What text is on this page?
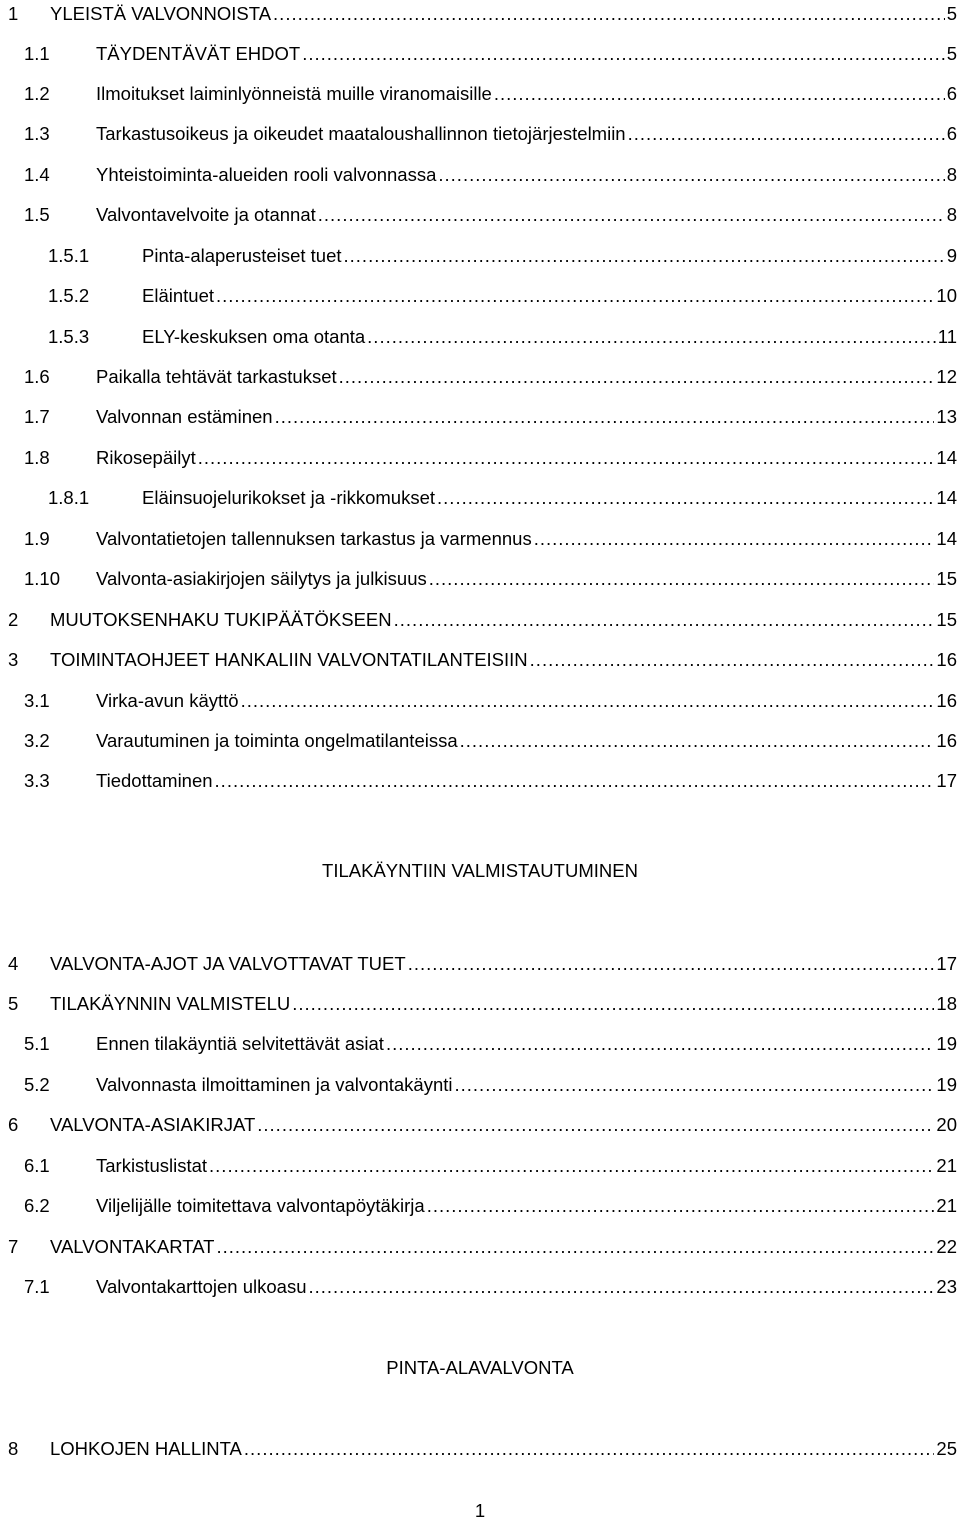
1 YLEISTÄ VALVONNOISTA .....	5
1.1	TÄYDENTÄVÄT EHDOT .....	5
1.2	Ilmoitukset laiminlyönneistä muille viranomaisille .....	6
1.3	Tarkastusoikeus ja oikeudet maataloushallinnon tietojärjestelmiin .....	6
1.4	Yhteistoiminta-alueiden rooli valvonnassa .....	8
1.5	Valvontavelvoite ja otannat .....	8
1.5.1	Pinta-alaperusteiset tuet .....	9
1.5.2	Eläintuet .....	10
1.5.3	ELY-keskuksen oma otanta .....	11
1.6	Paikalla tehtävät tarkastukset .....	12
1.7	Valvonnan estäminen .....	13
1.8	Rikosepäilyt .....	14
1.8.1	Eläinsuojelurikokset ja -rikkomukset .....	14
1.9	Valvontatietojen tallennuksen tarkastus ja varmennus .....	14
1.10 Valvonta-asiakirjojen säilytys ja julkisuus .....	15
2 MUUTOKSENHAKU TUKIPÄÄTÖKSEEN .....	15
3 TOIMINTAOHJEET HANKALIIN VALVONTATILANTEISIIN .....	16
3.1	Virka-avun käyttö .....	16
3.2	Varautuminen ja toiminta ongelmatilanteissa .....	16
3.3	Tiedottaminen .....	17
TILAKÄYNTIIN VALMISTAUTUMINEN
4 VALVONTA-AJOT JA VALVOTTAVAT TUET .....	17
5 TILAKÄYNNIN VALMISTELU .....	18
5.1	Ennen tilakäyntiä selvitettävät asiat .....	19
5.2	Valvonnasta ilmoittaminen ja valvontakäynti .....	19
6 VALVONTA-ASIAKIRJAT .....	20
6.1	Tarkistuslistat .....	21
6.2	Viljelijälle toimitettava valvontapöytäkirja .....	21
7 VALVONTAKARTAT .....	22
7.1	Valvontakarttojen ulkoasu .....	23
PINTA-ALAVALVONTA
8 LOHKOJEN HALLINTA .....	25
1
